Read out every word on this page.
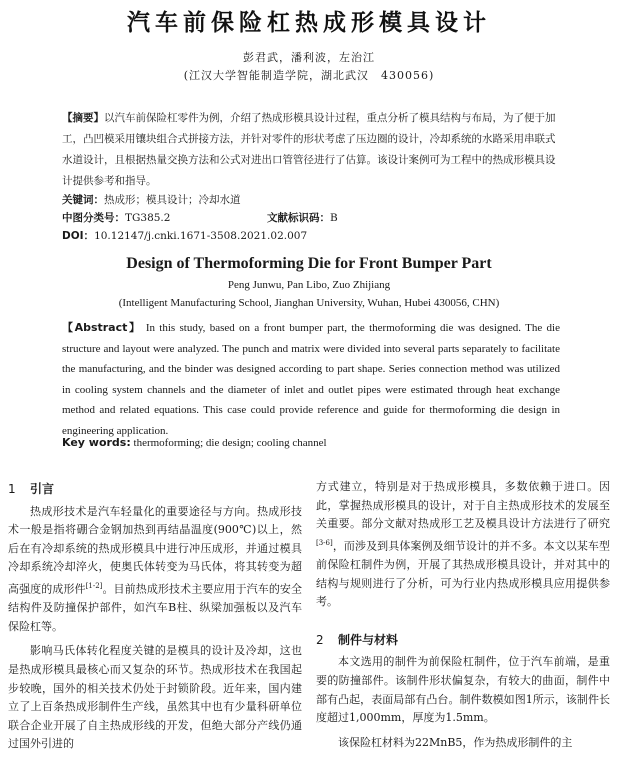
汽车前保险杠热成形模具设计
彭君武，潘利波，左治江
(江汉大学智能制造学院，湖北武汉　430056)
【摘要】以汽车前保险杠零件为例，介绍了热成形模具设计过程，重点分析了模具结构与布局，为了便于加工，凸凹模采用镶块组合式拼接方法，并针对零件的形状考虑了压边圈的设计，冷却系统的水路采用串联式水道设计，且根据热量交换方法和公式对进出口管管径进行了估算。该设计案例可为工程中的热成形模具设计提供参考和指导。
关键词：热成形；模具设计；冷却水道
中图分类号：TG385.2	文献标识码：B
DOI：10.12147/j.cnki.1671-3508.2021.02.007
Design of Thermoforming Die for Front Bumper Part
Peng Junwu, Pan Libo, Zuo Zhijiang
(Intelligent Manufacturing School, Jianghan University, Wuhan, Hubei 430056, CHN)
【Abstract】 In this study, based on a front bumper part, the thermoforming die was designed. The die structure and layout were analyzed. The punch and matrix were divided into several parts separately to facilitate the manufacturing, and the binder was designed according to part shape. Series connection method was utilized in cooling system channels and the diameter of inlet and outlet pipes were estimated through heat exchange method and related equations. This case could provide reference and guide for thermoforming die design in engineering application.
Key words: thermoforming; die design; cooling channel
1 引言

热成形技术是汽车轻量化的重要途径与方向。热成形技术一般是指将硼合金钢加热到再结晶温度(900℃)以上，然后在有冷却系统的热成形模具中进行冲压成形，并通过模具冷却系统冷却淬火，使奥氏体转变为马氏体，将其转变为超高强度的成形件[1-2]。目前热成形技术主要应用于汽车的安全结构件及防撞保护部件，如汽车B柱、纵梁加强板以及汽车保险杠等。

影响马氏体转化程度关键的是模具的设计及冷却，这也是热成形模具最核心而又复杂的环节。热成形技术在我国起步较晚，国外的相关技术仍处于封锁阶段。近年来，国内建立了上百条热成形制件生产线，虽然其中也有少量科研单位联合企业开展了自主热成形线的开发，但绝大部分产线仍通过国外引进的

方式建立，特别是对于热成形模具，多数依赖于进口。因此，掌握热成形模具的设计，对于自主热成形技术的发展至关重要。部分文献对热成形工艺及模具设计方法进行了研究[3-6]，而涉及到具体案例及细节设计的并不多。本文以某车型前保险杠制件为例，开展了其热成形模具设计，并对其中的结构与规则进行了分析，可为行业内热成形模具应用提供参考。

2 制件与材料

本文选用的制件为前保险杠制件，位于汽车前端，是重要的防撞部件。该制件形状偏复杂，有较大的曲面，制件中部有凸起，表面局部有凸台。制件数模如图1所示，该制件长度超过1,000mm，厚度为1.5mm。

该保险杠材料为22MnB5，作为热成形制件的主
